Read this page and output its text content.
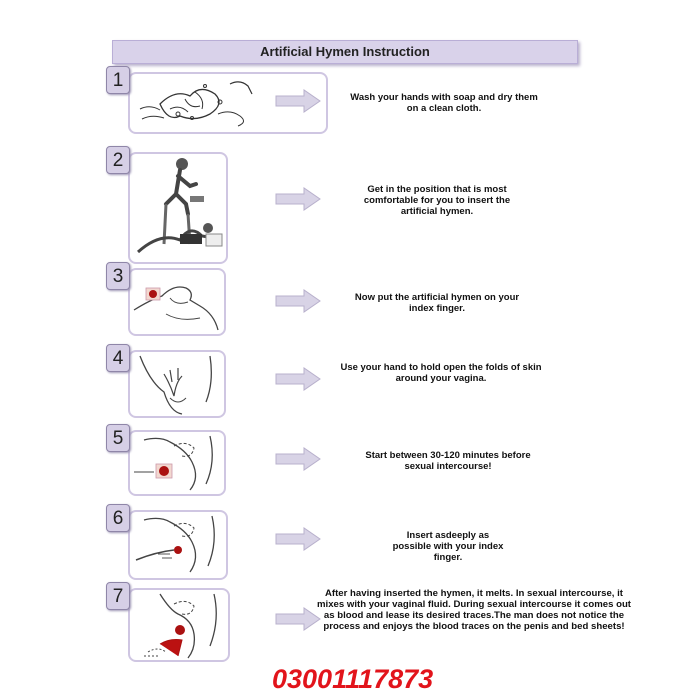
Artificial Hymen Instruction
1
Wash your hands with soap and dry them on a clean cloth.
2
Get in the position that is most comfortable for you to insert the artificial hymen.
3
Now put the artificial hymen on your index finger.
4	Use your hand to hold open the folds of skin around your vagina.
5
Start between 30-120 minutes before sexual intercourse!
6
Insert asdeeply as possible with your index finger.
7	After having inserted the hymen, it melts. In sexual intercourse, it mixes with your vaginal fluid. During sexual intercourse it comes out as blood and lease its desired traces.The man does not notice the process and enjoys the blood traces on the penis and bed sheets!
03001117873
